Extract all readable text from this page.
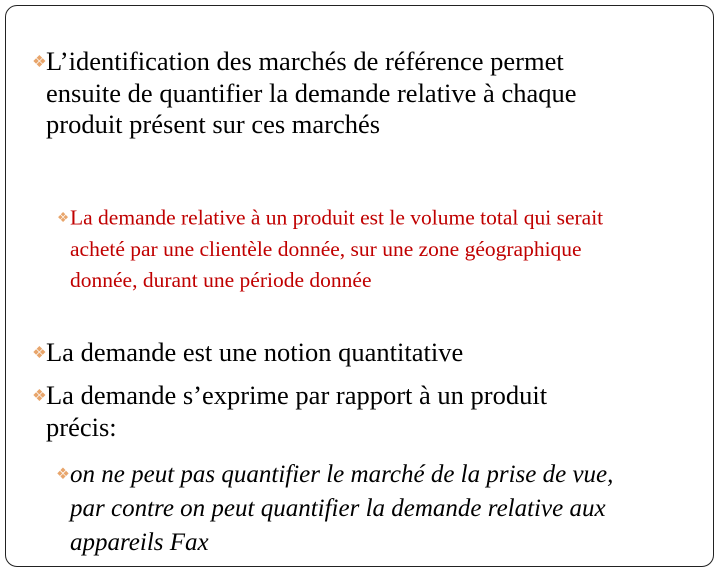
❖L’identification des marchés de référence permet ensuite de quantifier la demande relative à chaque produit présent sur ces marchés

❖La demande relative à un produit est le volume total qui serait acheté par une clientèle donnée, sur une zone géographique donnée, durant une période donnée

❖La demande est une notion quantitative

❖La demande s’exprime par rapport à un produit précis:

❖on ne peut pas quantifier le marché de la prise de vue, par contre on peut quantifier la demande relative aux appareils Fax
